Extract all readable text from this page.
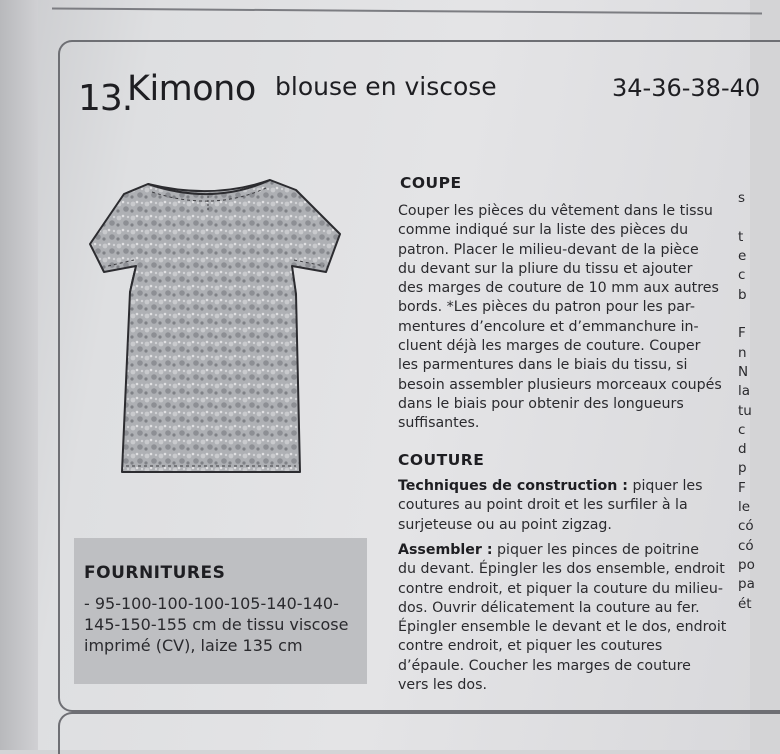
13.
Kimono blouse en viscose	34-36-38-40
FOURNITURES
- 95-100-100-100-105-140-140-145-150-155 cm de tissu viscose imprimé (CV), laize 135 cm
COUPE

Couper les pièces du vêtement dans le tissu

comme indiqué sur la liste des pièces du

patron. Placer le milieu-devant de la pièce

du devant sur la pliure du tissu et ajouter

des marges de couture de 10 mm aux autres

bords. *Les pièces du patron pour les par-

mentures d’encolure et d’emmanchure in-

cluent déjà les marges de couture. Couper

les parmentures dans le biais du tissu, si

besoin assembler plusieurs morceaux coupés

dans le biais pour obtenir des longueurs

suffisantes.

COUTURE

Techniques de construction : piquer les

coutures au point droit et les surfiler à la

surjeteuse ou au point zigzag.

Assembler : piquer les pinces de poitrine

du devant. Épingler les dos ensemble, endroit

contre endroit, et piquer la couture du milieu-

dos. Ouvrir délicatement la couture au fer.

Épingler ensemble le devant et le dos, endroit

contre endroit, et piquer les coutures

d’épaule. Coucher les marges de couture

vers les dos.

s

t
e
c
b

F
n
N
la
tu
c
d
p
F
le
có
có
po
pa
ét
